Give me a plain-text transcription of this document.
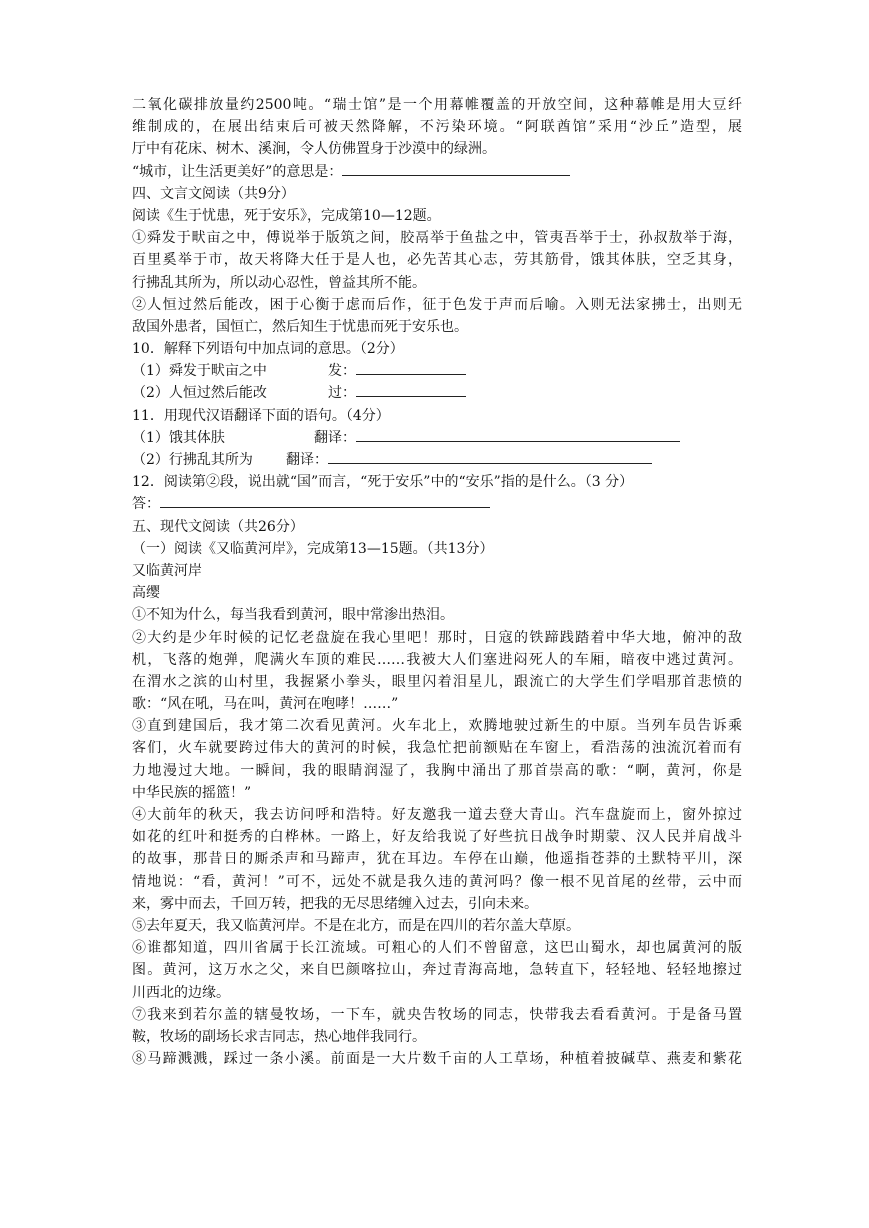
二氧化碳排放量约2500吨。“瑞士馆”是一个用幕帷覆盖的开放空间，这种幕帷是用大豆纤
维制成的，在展出结束后可被天然降解，不污染环境。“阿联酋馆”采用“沙丘”造型，展
厅中有花床、树木、溪涧，令人仿佛置身于沙漠中的绿洲。
“城市，让生活更美好”的意思是：
四、文言文阅读（共9分）
阅读《生于忧患，死于安乐》，完成第10—12题。
①舜发于畎亩之中，傅说举于版筑之间，胶鬲举于鱼盐之中，管夷吾举于士，孙叔敖举于海，
百里奚举于市，故天将降大任于是人也，必先苦其心志，劳其筋骨，饿其体肤，空乏其身，
行拂乱其所为，所以动心忍性，曾益其所不能。
②人恒过然后能改，困于心衡于虑而后作，征于色发于声而后喻。入则无法家拂士，出则无
敌国外患者，国恒亡，然后知生于忧患而死于安乐也。
10．解释下列语句中加点词的意思。（2分）
（1）舜发于畎亩之中	发：
（2）人恒过然后能改	过：
11．用现代汉语翻译下面的语句。（4分）
（1）饿其体肤	翻译：
（2）行拂乱其所为 翻译：
12．阅读第②段，说出就“国”而言，“死于安乐”中的“安乐”指的是什么。（3 分）
答：
五、现代文阅读（共26分）
（一）阅读《又临黄河岸》，完成第13—15题。（共13分）
又临黄河岸
高缨
①不知为什么，每当我看到黄河，眼中常渗出热泪。
②大约是少年时候的记忆老盘旋在我心里吧！那时，日寇的铁蹄践踏着中华大地，俯冲的敌
机，飞落的炮弹，爬满火车顶的难民……我被大人们塞进闷死人的车厢，暗夜中逃过黄河。
在渭水之滨的山村里，我握紧小拳头，眼里闪着泪星儿，跟流亡的大学生们学唱那首悲愤的
歌：“风在吼，马在叫，黄河在咆哮！……”
③直到建国后，我才第二次看见黄河。火车北上，欢腾地驶过新生的中原。当列车员告诉乘
客们，火车就要跨过伟大的黄河的时候，我急忙把前额贴在车窗上，看浩荡的浊流沉着而有
力地漫过大地。一瞬间，我的眼睛润湿了，我胸中涌出了那首崇高的歌：“啊，黄河，你是
中华民族的摇篮！”
④大前年的秋天，我去访问呼和浩特。好友邀我一道去登大青山。汽车盘旋而上，窗外掠过
如花的红叶和挺秀的白桦林。一路上，好友给我说了好些抗日战争时期蒙、汉人民并肩战斗
的故事，那昔日的厮杀声和马蹄声，犹在耳边。车停在山巅，他遥指苍莽的土默特平川，深
情地说：“看，黄河！”可不，远处不就是我久违的黄河吗？像一根不见首尾的丝带，云中而
来，雾中而去，千回万转，把我的无尽思绪缠入过去，引向未来。
⑤去年夏天，我又临黄河岸。不是在北方，而是在四川的若尔盖大草原。
⑥谁都知道，四川省属于长江流域。可粗心的人们不曾留意，这巴山蜀水，却也属黄河的版
图。黄河，这万水之父，来自巴颜喀拉山，奔过青海高地，急转直下，轻轻地、轻轻地擦过
川西北的边缘。
⑦我来到若尔盖的辖曼牧场，一下车，就央告牧场的同志，快带我去看看黄河。于是备马置
鞍，牧场的副场长求吉同志，热心地伴我同行。
⑧马蹄溅溅，踩过一条小溪。前面是一大片数千亩的人工草场，种植着披碱草、燕麦和紫花
